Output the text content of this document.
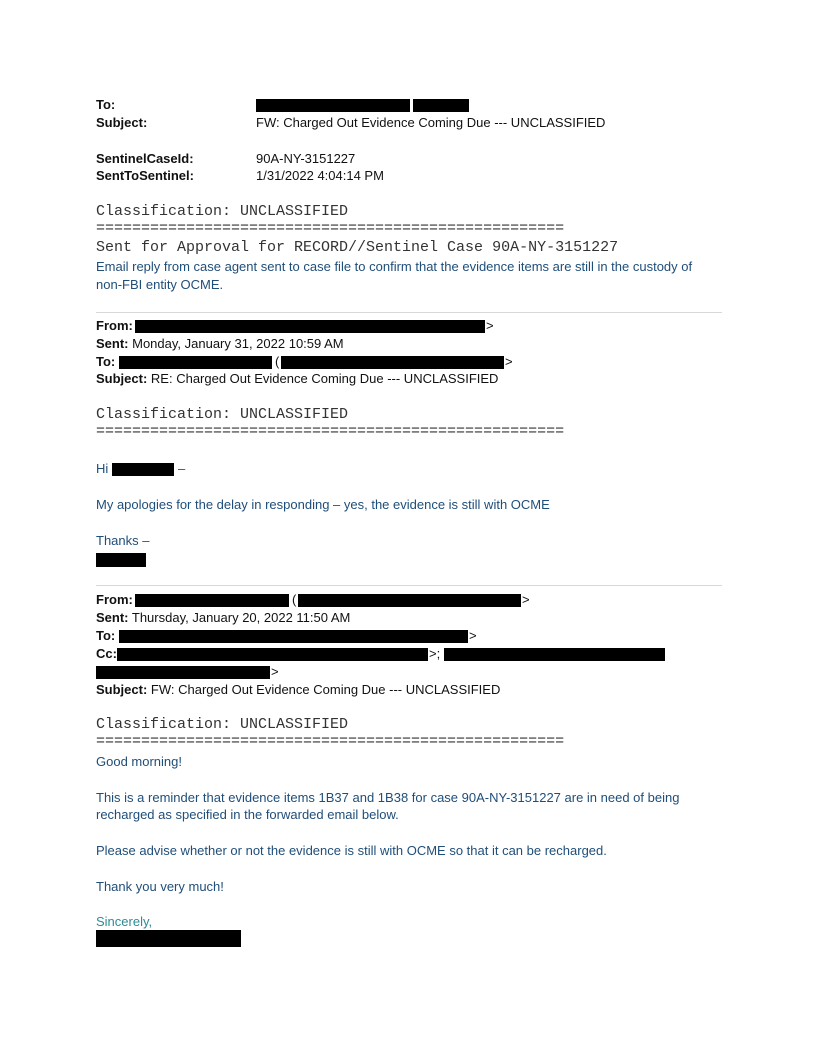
To:
Subject:	FW: Charged Out Evidence Coming Due --- UNCLASSIFIED
SentinelCaseId:	90A-NY-3151227
SentToSentinel:	1/31/2022 4:04:14 PM
Classification: UNCLASSIFIED
====================================================
Sent for Approval for RECORD//Sentinel Case 90A-NY-3151227
Email reply from case agent sent to case file to confirm that the evidence items are still in the custody of
non-FBI entity OCME.
From:	>
Sent: Monday, January 31, 2022 10:59 AM
To:	(	>
Subject: RE: Charged Out Evidence Coming Due --- UNCLASSIFIED
Classification: UNCLASSIFIED
====================================================
Hi	–
My apologies for the delay in responding – yes, the evidence is still with OCME
Thanks –
From:	(	>
Sent: Thursday, January 20, 2022 11:50 AM
To:	>
Cc:	>;
>
Subject: FW: Charged Out Evidence Coming Due --- UNCLASSIFIED
Classification: UNCLASSIFIED
====================================================
Good morning!
This is a reminder that evidence items 1B37 and 1B38 for case 90A-NY-3151227 are in need of being
recharged as specified in the forwarded email below.
Please advise whether or not the evidence is still with OCME so that it can be recharged.
Thank you very much!
Sincerely,
